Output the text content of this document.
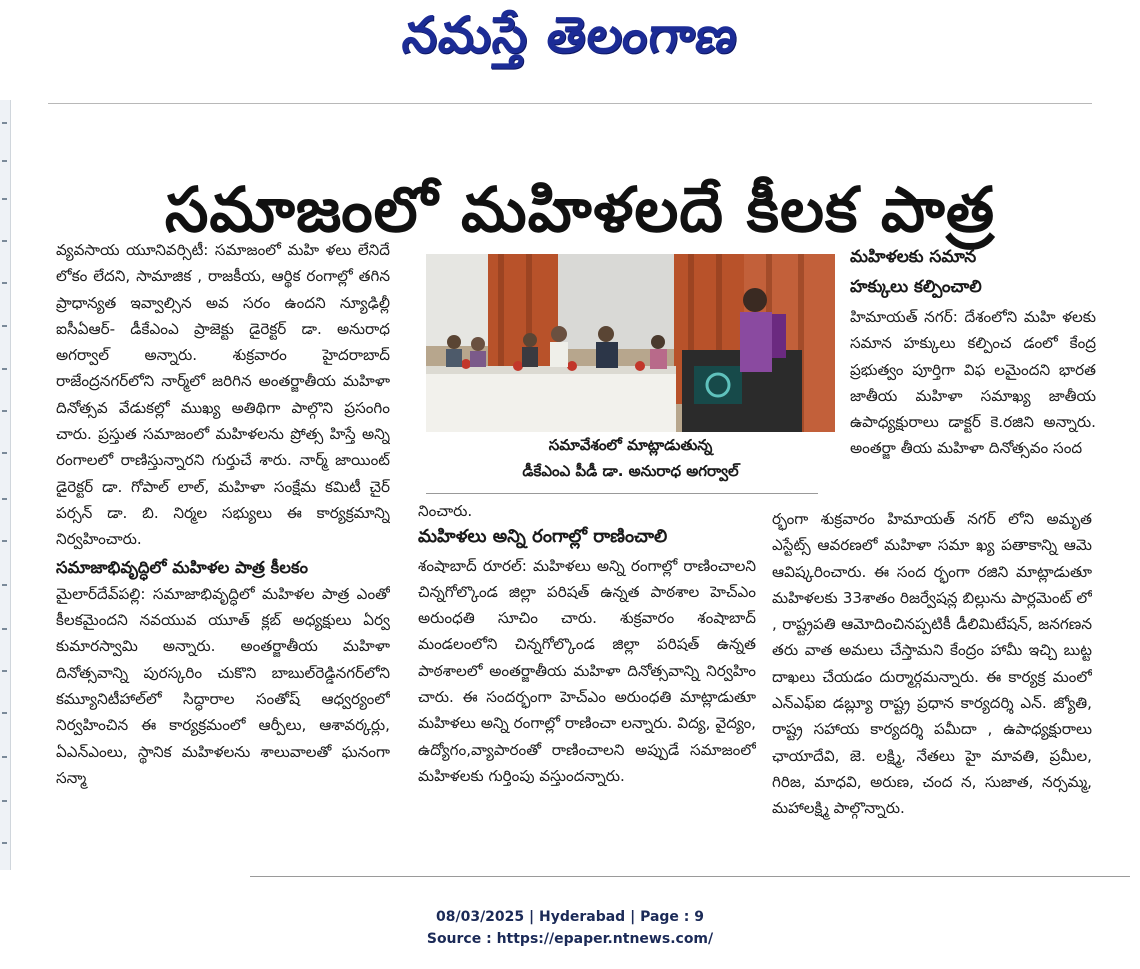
నమస్తే తెలంగాణ
సమాజంలో మహిళలదే కీలక పాత్ర

వ్యవసాయ యూనివర్సిటీ: సమాజంలో మహి ళలు లేనిదే లోకం లేదని, సామాజిక , రాజకీయ, ఆర్థిక రంగాల్లో తగిన ప్రాధాన్యత ఇవ్వాల్సిన అవ సరం ఉందని న్యూఢిల్లీ ఐసీఏఆర్- డీకేఎంఎ ప్రాజెక్టు డైరెక్టర్ డా. అనురాధ అగర్వాల్ అన్నారు. శుక్రవారం హైదరాబాద్ రాజేంద్రనగర్‌లోని నార్మ్‌లో జరిగిన అంతర్జాతీయ మహిళా దినోత్సవ వేడుకల్లో ముఖ్య అతిథిగా పాల్గొని ప్రసంగిం చారు. ప్రస్తుత సమాజంలో మహిళలను ప్రోత్స హిస్తే అన్ని రంగాలలో రాణిస్తున్నారని గుర్తుచే శారు. నార్మ్ జాయింట్ డైరెక్టర్ డా. గోపాల్ లాల్, మహిళా సంక్షేమ కమిటీ చైర్ పర్సన్ డా. బి. నిర్మల సభ్యులు ఈ కార్యక్రమాన్ని నిర్వహించారు.

సమాజాభివృద్ధిలో మహిళల పాత్ర కీలకం

మైలార్‌దేవ్‌పల్లి: సమాజాభివృద్ధిలో మహిళల పాత్ర ఎంతో కీలకమైందని నవయువ యూత్ క్లబ్ అధ్యక్షులు ఏర్వ కుమారస్వామి అన్నారు. అంతర్జాతీయ మహిళా దినోత్సవాన్ని పురస్కరిం చుకొని బాబుల్‌రెడ్డినగర్‌లోని కమ్యూనిటీహాల్‌లో సిద్ధారాల సంతోష్ ఆధ్వర్యంలో నిర్వహించిన ఈ కార్యక్రమంలో ఆర్పీలు, ఆశావర్కర్లు, ఏఎన్ఎంలు, స్థానిక మహిళలను శాలువాలతో ఘనంగా సన్మా

సమావేశంలో మాట్లాడుతున్న
డీకేఎంఎ పీడీ డా. అనురాధ అగర్వాల్

నించారు.

మహిళలు అన్ని రంగాల్లో రాణించాలి

శంషాబాద్ రూరల్: మహిళలు అన్ని రంగాల్లో రాణించాలని చిన్నగోల్కొండ జిల్లా పరిషత్ ఉన్నత పాఠశాల హెచ్ఎం అరుంధతి సూచిం చారు. శుక్రవారం శంషాబాద్ మండలంలోని చిన్నగోల్కొండ జిల్లా పరిషత్ ఉన్నత పాఠశాలలో అంతర్జాతీయ మహిళా దినోత్సవాన్ని నిర్వహిం చారు. ఈ సందర్భంగా హెచ్ఎం అరుంధతి మాట్లాడుతూ మహిళలు అన్ని రంగాల్లో రాణించా లన్నారు. విద్య, వైద్యం, ఉద్యోగం,వ్యాపారంతో రాణించాలని అప్పుడే సమాజంలో మహిళలకు గుర్తింపు వస్తుందన్నారు.

మహిళలకు సమాన

హక్కులు కల్పించాలి

హిమాయత్ నగర్: దేశంలోని మహి ళలకు సమాన హక్కులు కల్పించ డంలో కేంద్ర ప్రభుత్వం పూర్తిగా విఫ లమైందని భారత జాతీయ మహిళా సమాఖ్య జాతీయ ఉపాధ్యక్షురాలు డాక్టర్ కె.రజిని అన్నారు. అంతర్జా తీయ మహిళా దినోత్సవం సంద

ర్భంగా శుక్రవారం హిమాయత్ నగర్ లోని అమృత ఎస్టేట్స్ ఆవరణలో మహిళా సమా ఖ్య పతాకాన్ని ఆమె ఆవిష్కరించారు. ఈ సంద ర్భంగా రజిని మాట్లాడుతూ మహిళలకు 33శాతం రిజర్వేషన్ల బిల్లును పార్లమెంట్ లో , రాష్ట్రపతి ఆమోదించినప్పటికీ డీలిమిటేషన్, జనగణన తరు వాత అమలు చేస్తామని కేంద్రం హామీ ఇచ్చి బుట్ట దాఖలు చేయడం దుర్మార్గమన్నారు. ఈ కార్యక్ర మంలో ఎన్ఎఫ్ఐ డబ్ల్యూ రాష్ట్ర ప్రధాన కార్యదర్శి ఎన్. జ్యోతి, రాష్ట్ర సహాయ కార్యదర్శి పమీదా , ఉపాధ్యక్షురాలు ఛాయాదేవి, జె. లక్ష్మి, నేతలు హై మావతి, ప్రమీల, గిరిజ, మాధవి, అరుణ, చంద న, సుజాత, నర్సమ్మ, మహాలక్ష్మి పాల్గొన్నారు.

08/03/2025 | Hyderabad | Page : 9
Source : https://epaper.ntnews.com/
